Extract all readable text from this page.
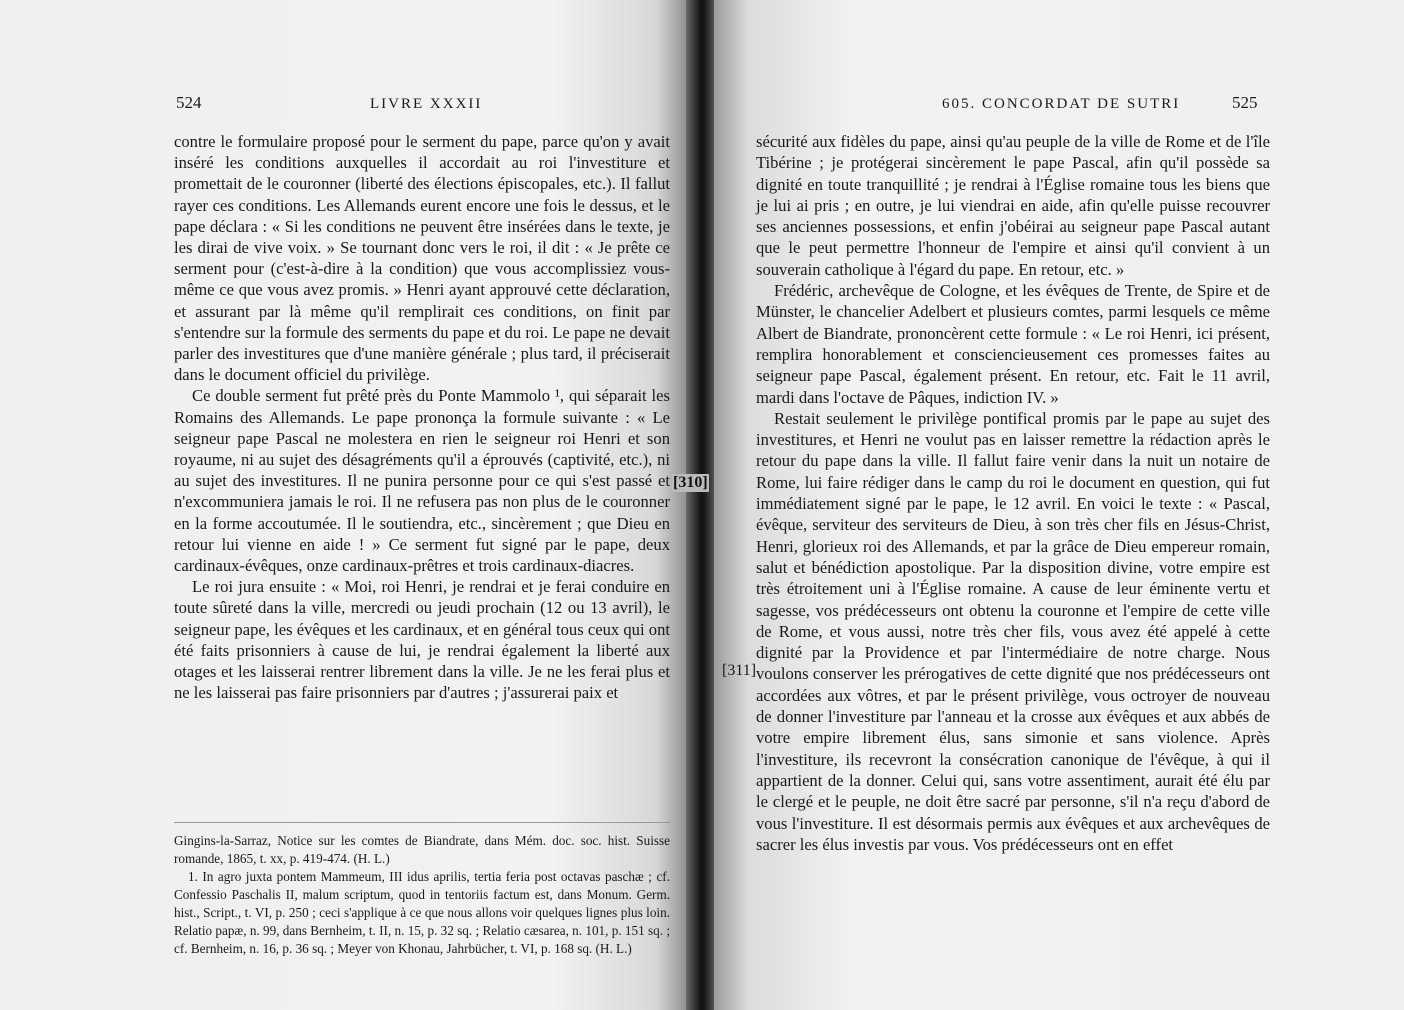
524	LIVRE XXXII

contre le formulaire proposé pour le serment du pape, parce qu'on y avait inséré les conditions auxquelles il accordait au roi l'investiture et promettait de le couronner (liberté des élections épiscopales, etc.). Il fallut rayer ces conditions. Les Allemands eurent encore une fois le dessus, et le pape déclara : « Si les conditions ne peuvent être insérées dans le texte, je les dirai de vive voix. » Se tournant donc vers le roi, il dit : « Je prête ce serment pour (c'est-à-dire à la condition) que vous accomplissiez vous-même ce que vous avez promis. » Henri ayant approuvé cette déclaration, et assurant par là même qu'il remplirait ces conditions, on finit par s'entendre sur la formule des serments du pape et du roi. Le pape ne devait parler des investitures que d'une manière générale ; plus tard, il préciserait dans le document officiel du privilège.

Ce double serment fut prêté près du Ponte Mammolo ¹, qui séparait les Romains des Allemands. Le pape prononça la formule suivante : « Le seigneur pape Pascal ne molestera en rien le seigneur roi Henri et son royaume, ni au sujet des désagréments qu'il a éprouvés (captivité, etc.), ni au sujet des investitures. Il ne punira personne pour ce qui s'est passé et n'excommuniera jamais le roi. Il ne refusera pas non plus de le couronner en la forme accoutumée. Il le soutiendra, etc., sincèrement ; que Dieu en retour lui vienne en aide ! » Ce serment fut signé par le pape, deux cardinaux-évêques, onze cardinaux-prêtres et trois cardinaux-diacres.

Le roi jura ensuite : « Moi, roi Henri, je rendrai et je ferai conduire en toute sûreté dans la ville, mercredi ou jeudi prochain (12 ou 13 avril), le seigneur pape, les évêques et les cardinaux, et en général tous ceux qui ont été faits prisonniers à cause de lui, je rendrai également la liberté aux otages et les laisserai rentrer librement dans la ville. Je ne les ferai plus et ne les laisserai pas faire prisonniers par d'autres ; j'assurerai paix et

Gingins-la-Sarraz, Notice sur les comtes de Biandrate, dans Mém. doc. soc. hist. Suisse romande, 1865, t. xx, p. 419-474. (H. L.)

1. In agro juxta pontem Mammeum, III idus aprilis, tertia feria post octavas paschæ ; cf. Confessio Paschalis II, malum scriptum, quod in tentoriis factum est, dans Monum. Germ. hist., Script., t. VI, p. 250 ; ceci s'applique à ce que nous allons voir quelques lignes plus loin. Relatio papæ, n. 99, dans Bernheim, t. II, n. 15, p. 32 sq. ; Relatio cæsarea, n. 101, p. 151 sq. ; cf. Bernheim, n. 16, p. 36 sq. ; Meyer von Khonau, Jahrbücher, t. VI, p. 168 sq. (H. L.)

[310]
605. CONCORDAT DE SUTRI	525
[311]

sécurité aux fidèles du pape, ainsi qu'au peuple de la ville de Rome et de l'île Tibérine ; je protégerai sincèrement le pape Pascal, afin qu'il possède sa dignité en toute tranquillité ; je rendrai à l'Église romaine tous les biens que je lui ai pris ; en outre, je lui viendrai en aide, afin qu'elle puisse recouvrer ses anciennes possessions, et enfin j'obéirai au seigneur pape Pascal autant que le peut permettre l'honneur de l'empire et ainsi qu'il convient à un souverain catholique à l'égard du pape. En retour, etc. »

Frédéric, archevêque de Cologne, et les évêques de Trente, de Spire et de Münster, le chancelier Adelbert et plusieurs comtes, parmi lesquels ce même Albert de Biandrate, prononcèrent cette formule : « Le roi Henri, ici présent, remplira honorablement et consciencieusement ces promesses faites au seigneur pape Pascal, également présent. En retour, etc. Fait le 11 avril, mardi dans l'octave de Pâques, indiction IV. »

Restait seulement le privilège pontifical promis par le pape au sujet des investitures, et Henri ne voulut pas en laisser remettre la rédaction après le retour du pape dans la ville. Il fallut faire venir dans la nuit un notaire de Rome, lui faire rédiger dans le camp du roi le document en question, qui fut immédiatement signé par le pape, le 12 avril. En voici le texte : « Pascal, évêque, serviteur des serviteurs de Dieu, à son très cher fils en Jésus-Christ, Henri, glorieux roi des Allemands, et par la grâce de Dieu empereur romain, salut et bénédiction apostolique. Par la disposition divine, votre empire est très étroitement uni à l'Église romaine. A cause de leur éminente vertu et sagesse, vos prédécesseurs ont obtenu la couronne et l'empire de cette ville de Rome, et vous aussi, notre très cher fils, vous avez été appelé à cette dignité par la Providence et par l'intermédiaire de notre charge. Nous voulons conserver les prérogatives de cette dignité que nos prédécesseurs ont accordées aux vôtres, et par le présent privilège, vous octroyer de nouveau de donner l'investiture par l'anneau et la crosse aux évêques et aux abbés de votre empire librement élus, sans simonie et sans violence. Après l'investiture, ils recevront la consécration canonique de l'évêque, à qui il appartient de la donner. Celui qui, sans votre assentiment, aurait été élu par le clergé et le peuple, ne doit être sacré par personne, s'il n'a reçu d'abord de vous l'investiture. Il est désormais permis aux évêques et aux archevêques de sacrer les élus investis par vous. Vos prédécesseurs ont en effet
